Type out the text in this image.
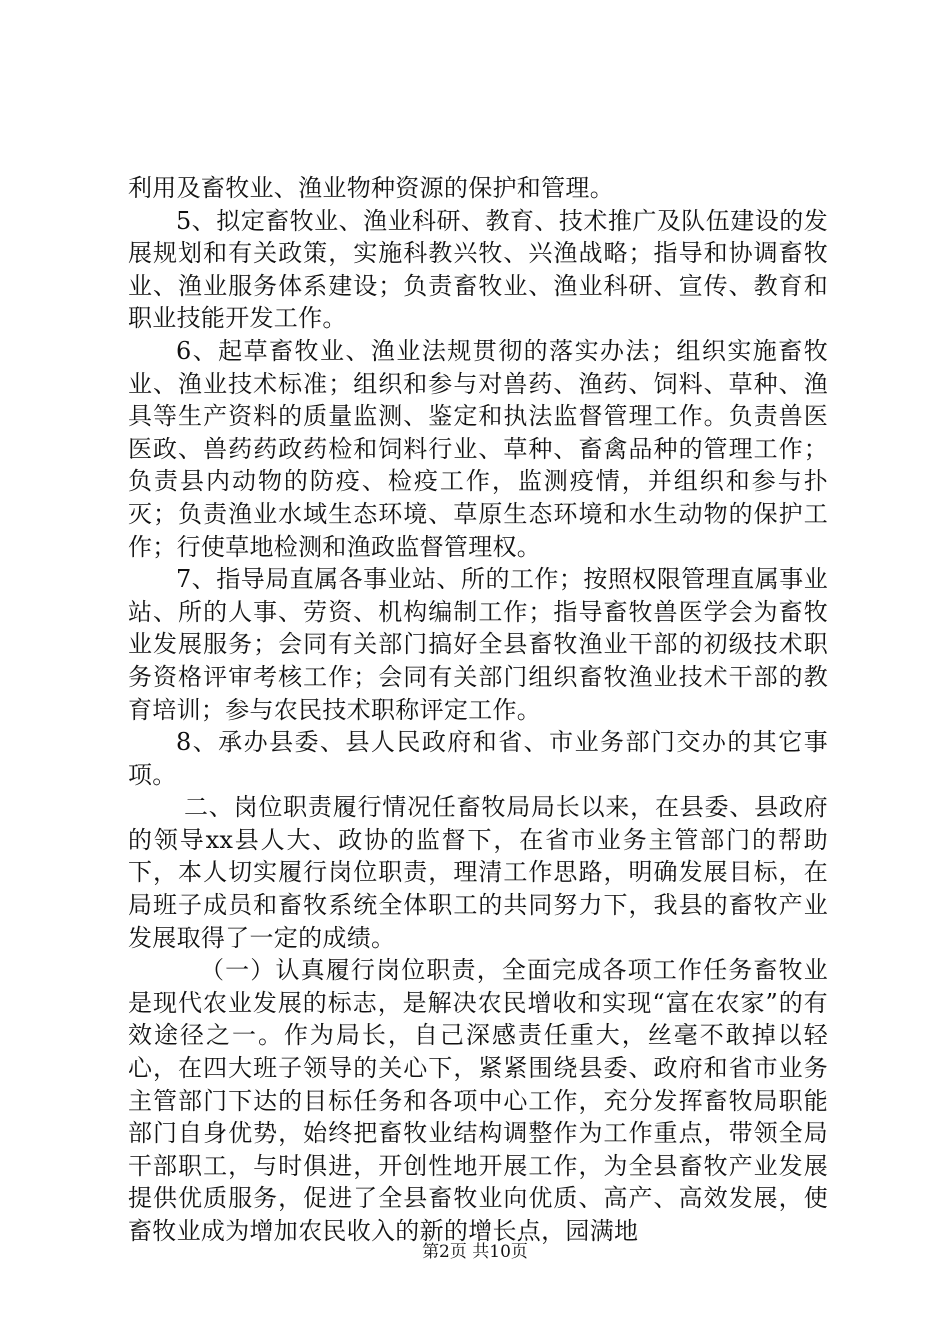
利用及畜牧业、渔业物种资源的保护和管理。

5、拟定畜牧业、渔业科研、教育、技术推广及队伍建设的发展规划和有关政策，实施科教兴牧、兴渔战略；指导和协调畜牧业、渔业服务体系建设；负责畜牧业、渔业科研、宣传、教育和职业技能开发工作。

6、起草畜牧业、渔业法规贯彻的落实办法；组织实施畜牧业、渔业技术标准；组织和参与对兽药、渔药、饲料、草种、渔具等生产资料的质量监测、鉴定和执法监督管理工作。负责兽医医政、兽药药政药检和饲料行业、草种、畜禽品种的管理工作；负责县内动物的防疫、检疫工作，监测疫情，并组织和参与扑灭；负责渔业水域生态环境、草原生态环境和水生动物的保护工作；行使草地检测和渔政监督管理权。

7、指导局直属各事业站、所的工作；按照权限管理直属事业站、所的人事、劳资、机构编制工作；指导畜牧兽医学会为畜牧业发展服务；会同有关部门搞好全县畜牧渔业干部的初级技术职务资格评审考核工作；会同有关部门组织畜牧渔业技术干部的教育培训；参与农民技术职称评定工作。

8、承办县委、县人民政府和省、市业务部门交办的其它事项。

二、岗位职责履行情况任畜牧局局长以来，在县委、县政府的领导xx县人大、政协的监督下，在省市业务主管部门的帮助下，本人切实履行岗位职责，理清工作思路，明确发展目标，在局班子成员和畜牧系统全体职工的共同努力下，我县的畜牧产业发展取得了一定的成绩。

（一）认真履行岗位职责，全面完成各项工作任务畜牧业是现代农业发展的标志，是解决农民增收和实现“富在农家”的有效途径之一。作为局长，自己深感责任重大，丝毫不敢掉以轻心，在四大班子领导的关心下，紧紧围绕县委、政府和省市业务主管部门下达的目标任务和各项中心工作，充分发挥畜牧局职能部门自身优势，始终把畜牧业结构调整作为工作重点，带领全局干部职工，与时俱进，开创性地开展工作，为全县畜牧产业发展提供优质服务，促进了全县畜牧业向优质、高产、高效发展，使畜牧业成为增加农民收入的新的增长点，园满地

第2页 共10页
